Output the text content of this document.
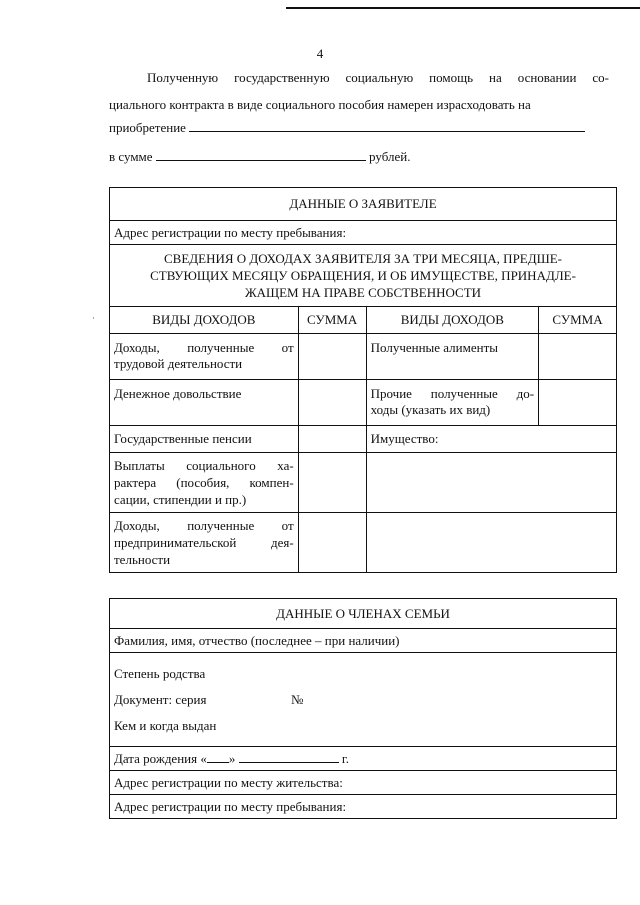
4
Полученную государственную социальную помощь на основании со-
циального контракта в виде социального пособия намерен израсходовать на
приобретение
в сумме	рублей.
·
ДАННЫЕ О ЗАЯВИТЕЛЕ			
Адрес регистрации по месту пребывания:			

СВЕДЕНИЯ О ДОХОДАХ ЗАЯВИТЕЛЯ ЗА ТРИ МЕСЯЦА, ПРЕДШЕ-
СТВУЮЩИХ МЕСЯЦУ ОБРАЩЕНИЯ, И ОБ ИМУЩЕСТВЕ, ПРИНАДЛЕ-
ЖАЩЕМ НА ПРАВЕ СОБСТВЕННОСТИ			

ВИДЫ ДОХОДОВ	СУММА	ВИДЫ ДОХОДОВ	СУММА

Доходы, полученные от
трудовой деятельности		Полученные алименты	
Денежное довольствие		Прочие полученные до-
ходы (указать их вид)	

Государственные пенсии		Имущество:	

Выплаты социального ха-
рактера (пособия, компен-
сации, стипендии и пр.)			

Доходы, полученные от
предпринимательской дея-
тельности			

ДАННЫЕ О ЧЛЕНАХ СЕМЬИ
Фамилия, имя, отчество (последнее – при наличии)

Степень родства
Документ: серия	№
Кем и когда выдан

Дата рождения « »	г.
Адрес регистрации по месту жительства:
Адрес регистрации по месту пребывания:
